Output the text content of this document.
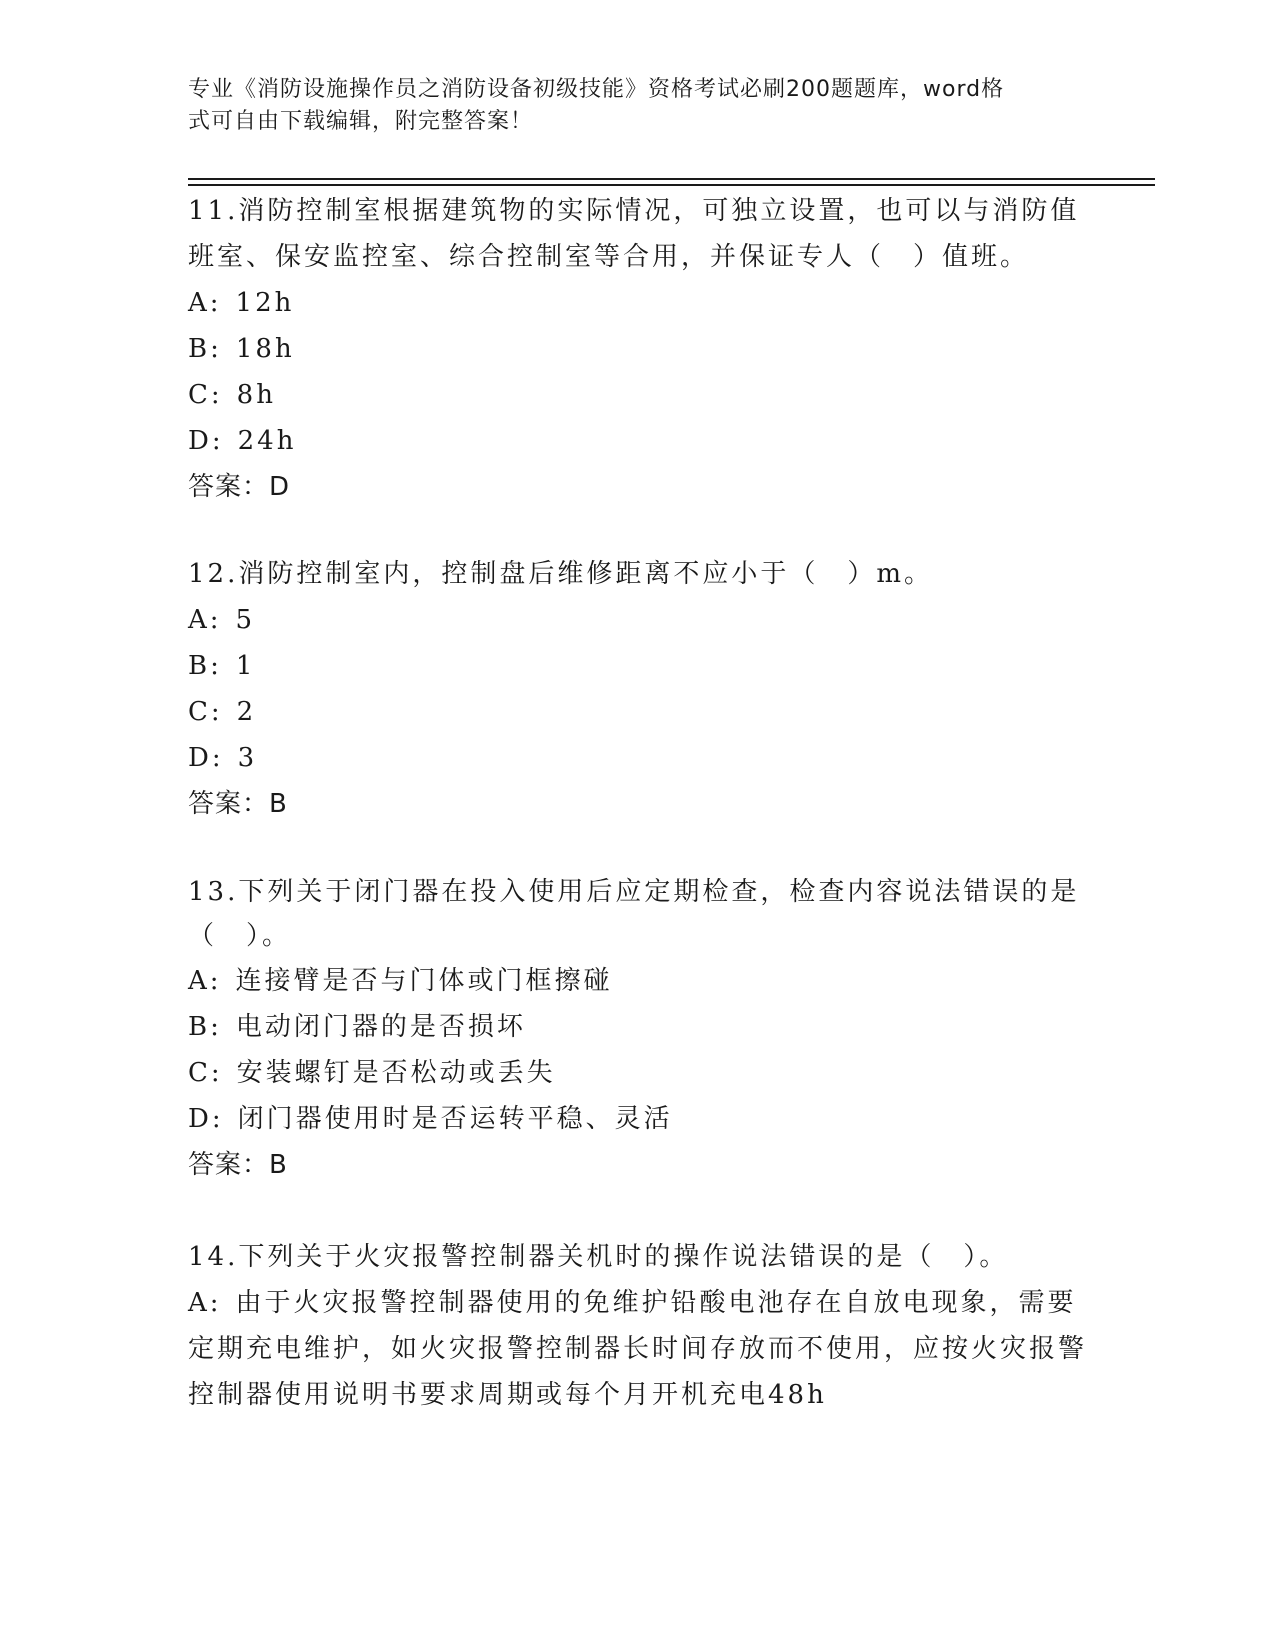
专业《消防设施操作员之消防设备初级技能》资格考试必刷200题题库，word格
式可自由下载编辑，附完整答案！

11.消防控制室根据建筑物的实际情况，可独立设置，也可以与消防值班室、保安监控室、综合控制室等合用，并保证专人（　）值班。

A: 12h
B: 18h
C: 8h
D: 24h
答案：D

12.消防控制室内，控制盘后维修距离不应小于（　）m。

A: 5
B: 1
C: 2
D: 3
答案：B

13.下列关于闭门器在投入使用后应定期检查，检查内容说法错误的是（　）。

A: 连接臂是否与门体或门框擦碰
B: 电动闭门器的是否损坏
C: 安装螺钉是否松动或丢失
D: 闭门器使用时是否运转平稳、灵活
答案：B

14.下列关于火灾报警控制器关机时的操作说法错误的是（　）。

A: 由于火灾报警控制器使用的免维护铅酸电池存在自放电现象，需要定期充电维护，如火灾报警控制器长时间存放而不使用，应按火灾报警控制器使用说明书要求周期或每个月开机充电48h
